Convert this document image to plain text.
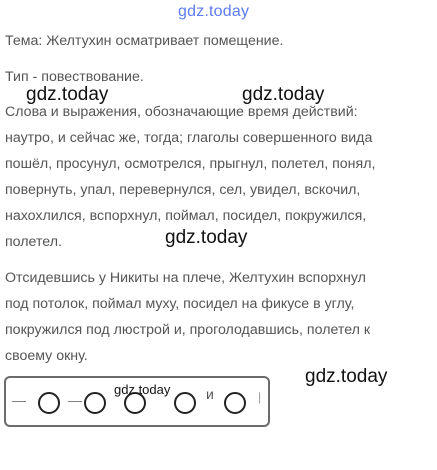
gdz.today
Тема: Желтухин осматривает помещение.
Тип - повествование.
gdz.today	gdz.today
Слова и выражения, обозначающие время действий:
наутро, и сейчас же, тогда; глаголы совершенного вида
пошёл, просунул, осмотрелся, прыгнул, полетел, понял,
повернуть, упал, перевернулся, сел, увидел, вскочил,
нахохлился, вспорхнул, поймал, посидел, покружился,
полетел.	gdz.today
Отсидевшись у Никиты на плече, Желтухин вспорхнул
под потолок, поймал муху, посидел на фикусе в углу,
покружился под люстрой и, проголодавшись, полетел к
своему окну.
gdz.today
— ○ —	и ○ |
gdz.today
